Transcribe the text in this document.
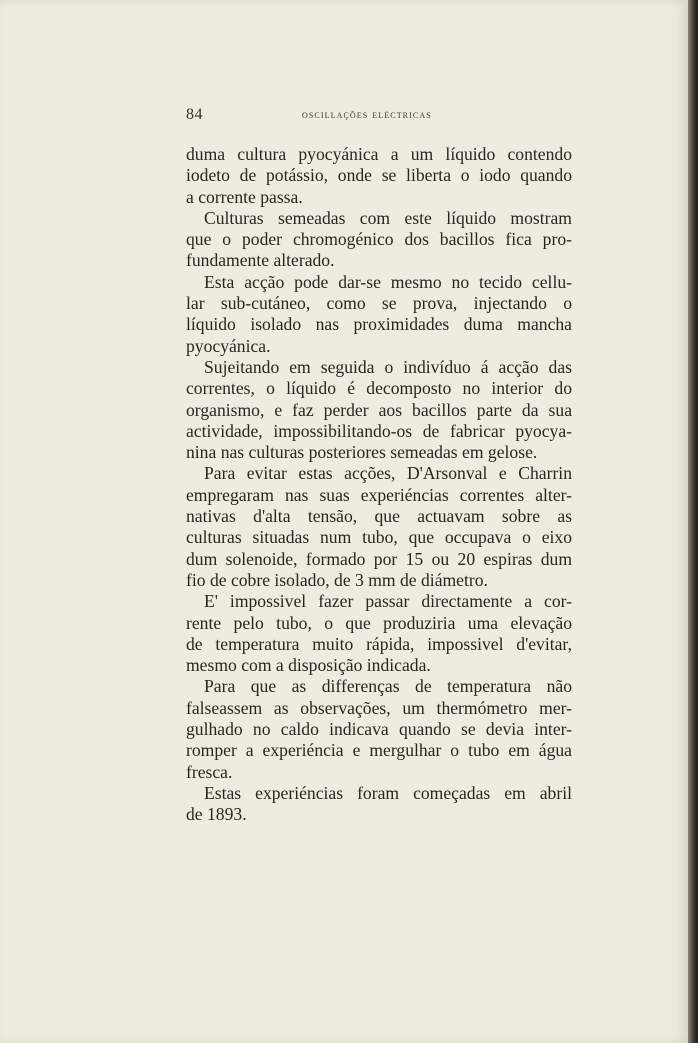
84	oscillações eléctricas
duma cultura pyocyánica a um líquido contendo
iodeto de potássio, onde se liberta o iodo quando
a corrente passa.
Culturas semeadas com este líquido mostram
que o poder chromogénico dos bacillos fica pro-
fundamente alterado.
Esta acção pode dar-se mesmo no tecido cellu-
lar sub-cutáneo, como se prova, injectando o
líquido isolado nas proximidades duma mancha
pyocyánica.
Sujeitando em seguida o indivíduo á acção das
correntes, o líquido é decomposto no interior do
organismo, e faz perder aos bacillos parte da sua
actividade, impossibilitando-os de fabricar pyocya-
nina nas culturas posteriores semeadas em gelose.
Para evitar estas acções, D'Arsonval e Charrin
empregaram nas suas experiéncias correntes alter-
nativas d'alta tensão, que actuavam sobre as
culturas situadas num tubo, que occupava o eixo
dum solenoide, formado por 15 ou 20 espiras dum
fio de cobre isolado, de 3 mm de diámetro.
E' impossivel fazer passar directamente a cor-
rente pelo tubo, o que produziria uma elevação
de temperatura muito rápida, impossivel d'evitar,
mesmo com a disposição indicada.
Para que as differenças de temperatura não
falseassem as observações, um thermómetro mer-
gulhado no caldo indicava quando se devia inter-
romper a experiéncia e mergulhar o tubo em água
fresca.
Estas experiéncias foram começadas em abril
de 1893.
